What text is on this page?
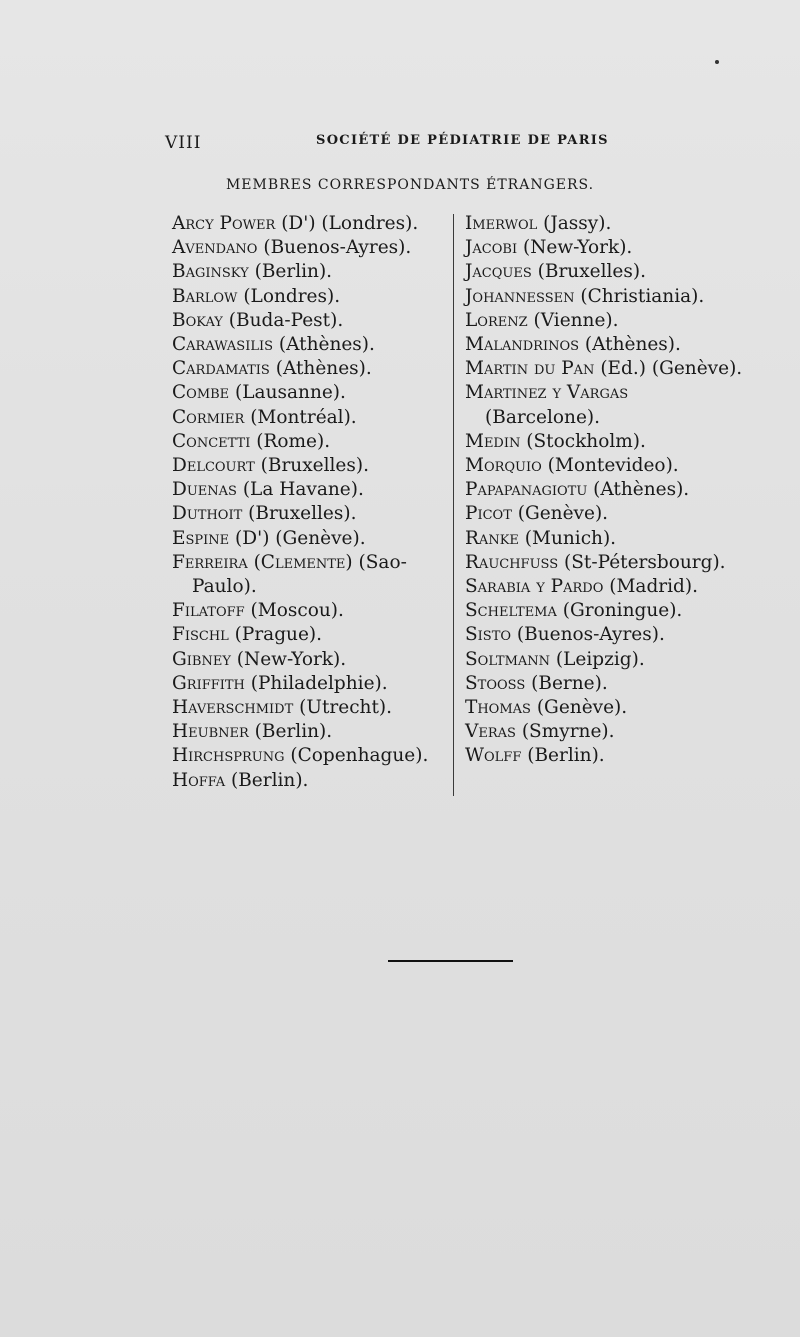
VIII	SOCIÉTÉ DE PÉDIATRIE DE PARIS
MEMBRES CORRESPONDANTS ÉTRANGERS.

Arcy Power (D') (Londres).

Avendano (Buenos-Ayres).

Baginsky (Berlin).

Barlow (Londres).

Bokay (Buda-Pest).

Carawasilis (Athènes).

Cardamatis (Athènes).

Combe (Lausanne).

Cormier (Montréal).

Concetti (Rome).

Delcourt (Bruxelles).

Duenas (La Havane).

Duthoit (Bruxelles).

Espine (D') (Genève).

Ferreira (Clemente) (Sao-Paulo).

Filatoff (Moscou).

Fischl (Prague).

Gibney (New-York).

Griffith (Philadelphie).

Haverschmidt (Utrecht).

Heubner (Berlin).

Hirchsprung (Copenhague).

Hoffa (Berlin).

Imerwol (Jassy).

Jacobi (New-York).

Jacques (Bruxelles).

Johannessen (Christiania).

Lorenz (Vienne).

Malandrinos (Athènes).

Martin du Pan (Ed.) (Genève).

Martinez y Vargas (Barcelone).

Medin (Stockholm).

Morquio (Montevideo).

Papapanagiotu (Athènes).

Picot (Genève).

Ranke (Munich).

Rauchfuss (St-Pétersbourg).

Sarabia y Pardo (Madrid).

Scheltema (Groningue).

Sisto (Buenos-Ayres).

Soltmann (Leipzig).

Stooss (Berne).

Thomas (Genève).

Veras (Smyrne).

Wolff (Berlin).
